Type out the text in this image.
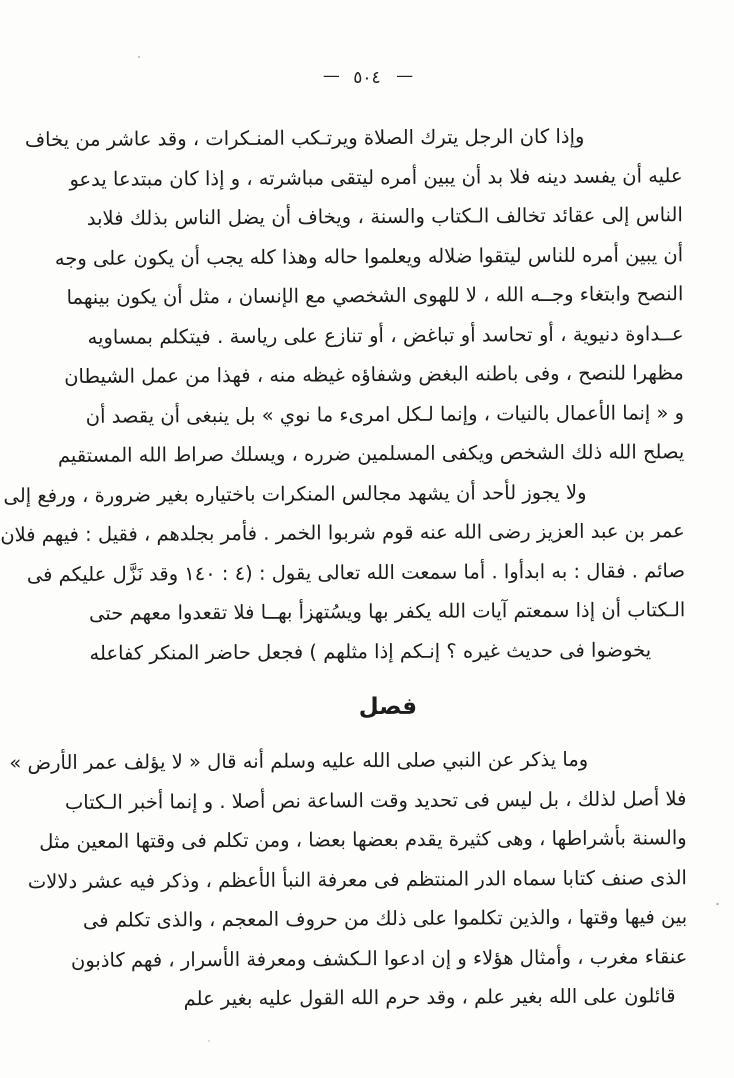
— ٥٠٤ —
وإذا كان الرجل يترك الصلاة ويرتـكب المنـكرات ، وقد عاشر من يخاف
عليه أن يفسد دينه فلا بد أن يبين أمره ليتقى مباشرته ، و إذا كان مبتدعا يدعو
الناس إلى عقائد تخالف الـكتاب والسنة ، ويخاف أن يضل الناس بذلك فلابد
أن يبين أمره للناس ليتقوا ضلاله ويعلموا حاله وهذا كله يجب أن يكون على وجه
النصح وابتغاء وجــه الله ، لا للهوى الشخصي مع الإنسان ، مثل أن يكون بينهما
عــداوة دنيوية ، أو تحاسد أو تباغض ، أو تنازع على رياسة . فيتكلم بمساويه
مظهرا للنصح ، وفى باطنه البغض وشفاؤه غيظه منه ، فهذا من عمل الشيطان
و « إنما الأعمال بالنيات ، وإنما لـكل امرىء ما نوي » بل ينبغى أن يقصد أن
يصلح الله ذلك الشخص ويكفى المسلمين ضرره ، ويسلك صراط الله المستقيم
ولا يجوز لأحد أن يشهد مجالس المنكرات باختياره بغير ضرورة ، ورفع إلى
عمر بن عبد العزيز رضى الله عنه قوم شربوا الخمر . فأمر بجلدهم ، فقيل : فيهم فلان
صائم . فقال : به ابدأوا . أما سمعت الله تعالى يقول : (٤ : ١٤٠ وقد نَزَّل عليكم فى
الـكتاب أن إذا سمعتم آيات الله يكفر بها ويسُتهزأ بهــا فلا تقعدوا معهم حتى
يخوضوا فى حديث غيره ؟ إنـكم إذا مثلهم ) فجعل حاضر المنكر كفاعله
فصل
وما يذكر عن النبي صلى الله عليه وسلم أنه قال « لا يؤلف عمر الأرض »
فلا أصل لذلك ، بل ليس فى تحديد وقت الساعة نص أصلا . و إنما أخبر الـكتاب
والسنة بأشراطها ، وهى كثيرة يقدم بعضها بعضا ، ومن تكلم فى وقتها المعين مثل
الذى صنف كتابا سماه الدر المنتظم فى معرفة النبأ الأعظم ، وذكر فيه عشر دلالات
بين فيها وقتها ، والذين تكلموا على ذلك من حروف المعجم ، والذى تكلم فى
عنقاء مغرب ، وأمثال هؤلاء و إن ادعوا الـكشف ومعرفة الأسرار ، فهم كاذبون
قائلون على الله بغير علم ، وقد حرم الله القول عليه بغير علم
